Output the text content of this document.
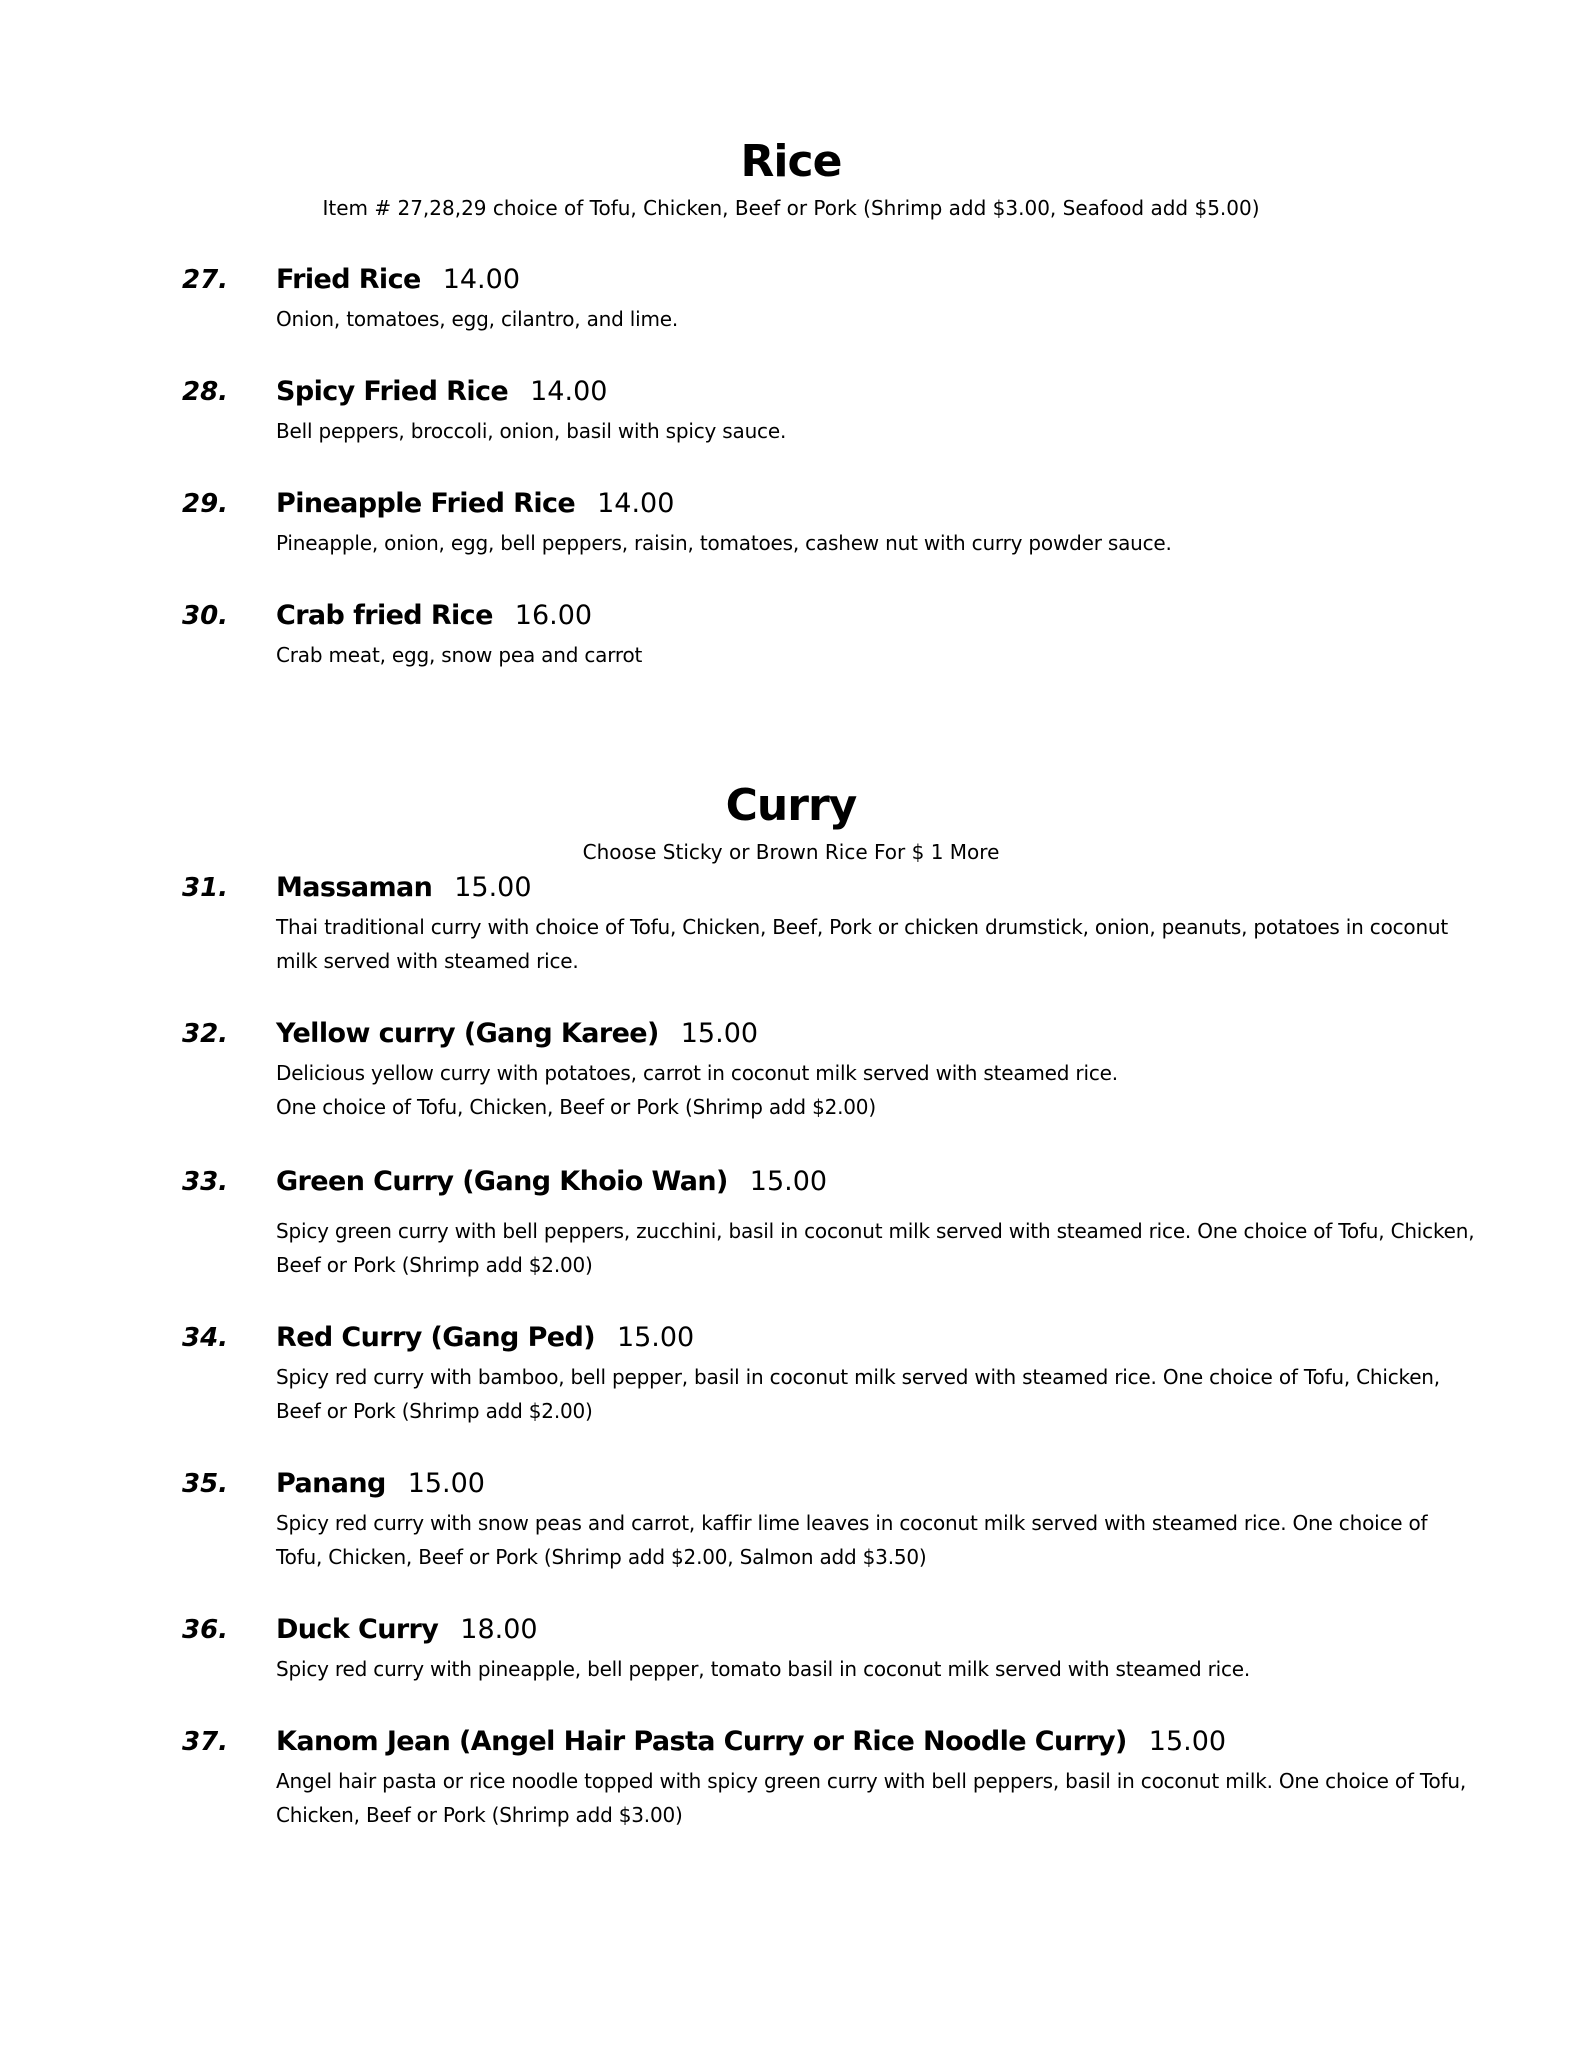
Rice
Item # 27,28,29 choice of Tofu, Chicken, Beef or Pork (Shrimp add $3.00, Seafood add $5.00)
27. Fried Rice 14.00
Onion, tomatoes, egg, cilantro, and lime.
28. Spicy Fried Rice 14.00
Bell peppers, broccoli, onion, basil with spicy sauce.
29. Pineapple Fried Rice 14.00
Pineapple, onion, egg, bell peppers, raisin, tomatoes, cashew nut with curry powder sauce.
30. Crab fried Rice 16.00
Crab meat, egg, snow pea and carrot
Curry
Choose Sticky or Brown Rice For $ 1 More
31. Massaman 15.00
Thai traditional curry with choice of Tofu, Chicken, Beef, Pork or chicken drumstick, onion, peanuts, potatoes in coconut
milk served with steamed rice.
32. Yellow curry (Gang Karee) 15.00
Delicious yellow curry with potatoes, carrot in coconut milk served with steamed rice.
One choice of Tofu, Chicken, Beef or Pork (Shrimp add $2.00)
33. Green Curry (Gang Khoio Wan) 15.00
Spicy green curry with bell peppers, zucchini, basil in coconut milk served with steamed rice. One choice of Tofu, Chicken,
Beef or Pork (Shrimp add $2.00)
34. Red Curry (Gang Ped) 15.00
Spicy red curry with bamboo, bell pepper, basil in coconut milk served with steamed rice. One choice of Tofu, Chicken,
Beef or Pork (Shrimp add $2.00)
35. Panang 15.00
Spicy red curry with snow peas and carrot, kaffir lime leaves in coconut milk served with steamed rice. One choice of
Tofu, Chicken, Beef or Pork (Shrimp add $2.00, Salmon add $3.50)
36. Duck Curry 18.00
Spicy red curry with pineapple, bell pepper, tomato basil in coconut milk served with steamed rice.
37. Kanom Jean (Angel Hair Pasta Curry or Rice Noodle Curry) 15.00
Angel hair pasta or rice noodle topped with spicy green curry with bell peppers, basil in coconut milk. One choice of Tofu,
Chicken, Beef or Pork (Shrimp add $3.00)
